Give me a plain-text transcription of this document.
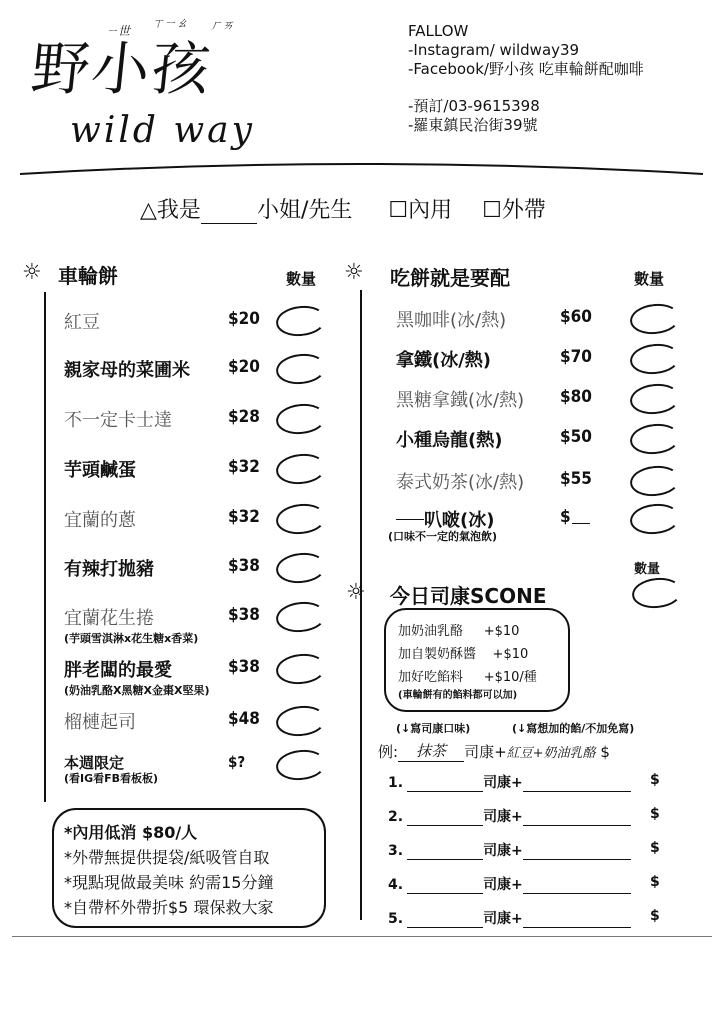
野小孩
ㄧ世
ㄒㄧㄠ ㄏㄞ
wild way
FALLOW
-Instagram/ wildway39
-Facebook/野小孩 吃車輪餅配咖啡
-預訂/03-9615398
-羅東鎮民治街39號
△我是	小姐/先生 ☐內用 ☐外帶
☼ 車輪餅	數量
紅豆	$20
親家母的菜圃米 $20
不一定卡士達	$28
芋頭鹹蛋	$32
宜蘭的蔥	$32
有辣打拋豬	$38
宜蘭花生捲	$38
(芋頭雪淇淋x花生糖x香菜)
胖老闆的最愛	$38
(奶油乳酪X黑糖X金棗X堅果)
榴槤起司	$48
本週限定	$?
(看IG看FB看板板)
*內用低消 $80/人
*外帶無提供提袋/紙吸管自取
*現點現做最美味 約需15分鐘
*自帶杯外帶折$5 環保救大家
☼ 吃餅就是要配	數量
黑咖啡(冰/熱)	$60
拿鐵(冰/熱)	$70
黑糖拿鐵(冰/熱) $80
小種烏龍(熱)	$50
泰式奶茶(冰/熱) $55
叭啵(冰)	$
(口味不一定的氣泡飲)
數量
☼ 今日司康SCONE
加奶油乳酪 +$10
加自製奶酥醬 +$10
加好吃餡料 +$10/種
(車輪餅有的餡料都可以加)
(↓寫司康口味)	(↓寫想加的餡/不加免寫)
例: 抹茶 司康+紅豆+奶油乳酪 $
1.	司康+	$
2.	司康+	$
3.	司康+	$
4.	司康+	$
5.	司康+	$
